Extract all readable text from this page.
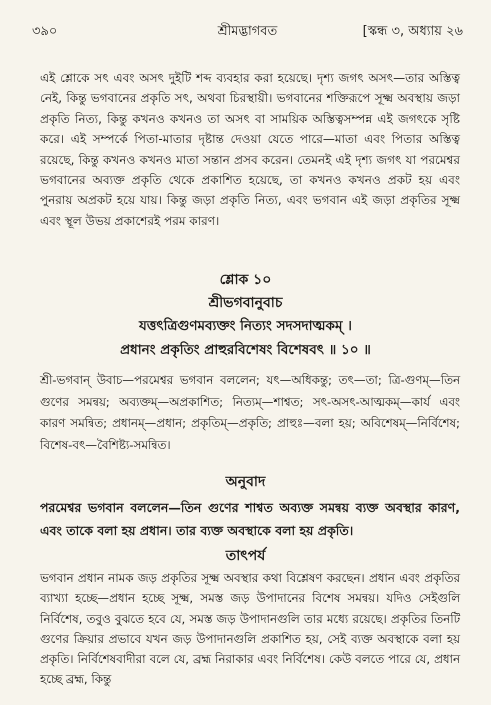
৩৯০	শ্রীমদ্ভাগবত	[স্কন্ধ ৩, অধ্যায় ২৬
এই শ্লোকে সৎ এবং অসৎ দুইটি শব্দ ব্যবহার করা হয়েছে। দৃশ্য জগৎ অসৎ—তার অস্তিত্ব নেই, কিন্তু ভগবানের প্রকৃতি সৎ, অথবা চিরস্থায়ী। ভগবানের শক্তিরূপে সূক্ষ্ম অবস্থায় জড়া প্রকৃতি নিত্য, কিন্তু কখনও কখনও তা অসৎ বা সাময়িক অস্তিত্বসম্পন্ন এই জগৎকে সৃষ্টি করে। এই সম্পর্কে পিতা-মাতার দৃষ্টান্ত দেওয়া যেতে পারে—মাতা এবং পিতার অস্তিত্ব রয়েছে, কিন্তু কখনও কখনও মাতা সন্তান প্রসব করেন। তেমনই এই দৃশ্য জগৎ যা পরমেশ্বর ভগবানের অব্যক্ত প্রকৃতি থেকে প্রকাশিত হয়েছে, তা কখনও কখনও প্রকট হয় এবং পুনরায় অপ্রকট হয়ে যায়। কিন্তু জড়া প্রকৃতি নিত্য, এবং ভগবান এই জড়া প্রকৃতির সূক্ষ্ম এবং স্থূল উভয় প্রকাশেরই পরম কারণ।
শ্লোক ১০
শ্রীভগবানুবাচ
যত্তৎত্রিগুণমব্যক্তং নিত্যং সদসদাত্মকম্ ।
প্রধানং প্রকৃতিং প্রাহুরবিশেষং বিশেষবৎ ॥ ১০ ॥
শ্রী-ভগবান্ উবাচ—পরমেশ্বর ভগবান বললেন; যৎ—অধিকন্তু; তৎ—তা; ত্রি-গুণম্—তিন গুণের সমন্বয়; অব্যক্তম্—অপ্রকাশিত; নিত্যম্—শাশ্বত; সৎ-অসৎ-আত্মকম্—কার্য এবং কারণ সমন্বিত; প্রধানম্—প্রধান; প্রকৃতিম্—প্রকৃতি; প্রাহুঃ—বলা হয়; অবিশেষম্—নির্বিশেষ; বিশেষ-বৎ—বৈশিষ্ট্য-সমন্বিত।
অনুবাদ
পরমেশ্বর ভগবান বললেন—তিন গুণের শাশ্বত অব্যক্ত সমন্বয় ব্যক্ত অবস্থার কারণ, এবং তাকে বলা হয় প্রধান। তার ব্যক্ত অবস্থাকে বলা হয় প্রকৃতি।
তাৎপর্য
ভগবান প্রধান নামক জড় প্রকৃতির সূক্ষ্ম অবস্থার কথা বিশ্লেষণ করছেন। প্রধান এবং প্রকৃতির ব্যাখ্যা হচ্ছে—প্রধান হচ্ছে সূক্ষ্ম, সমস্ত জড় উপাদানের বিশেষ সমন্বয়। যদিও সেইগুলি নির্বিশেষ, তবুও বুঝতে হবে যে, সমস্ত জড় উপাদানগুলি তার মধ্যে রয়েছে। প্রকৃতির তিনটি গুণের ক্রিয়ার প্রভাবে যখন জড় উপাদানগুলি প্রকাশিত হয়, সেই ব্যক্ত অবস্থাকে বলা হয় প্রকৃতি। নির্বিশেষবাদীরা বলে যে, ব্রহ্ম নিরাকার এবং নির্বিশেষ। কেউ বলতে পারে যে, প্রধান হচ্ছে ব্রহ্ম, কিন্তু
